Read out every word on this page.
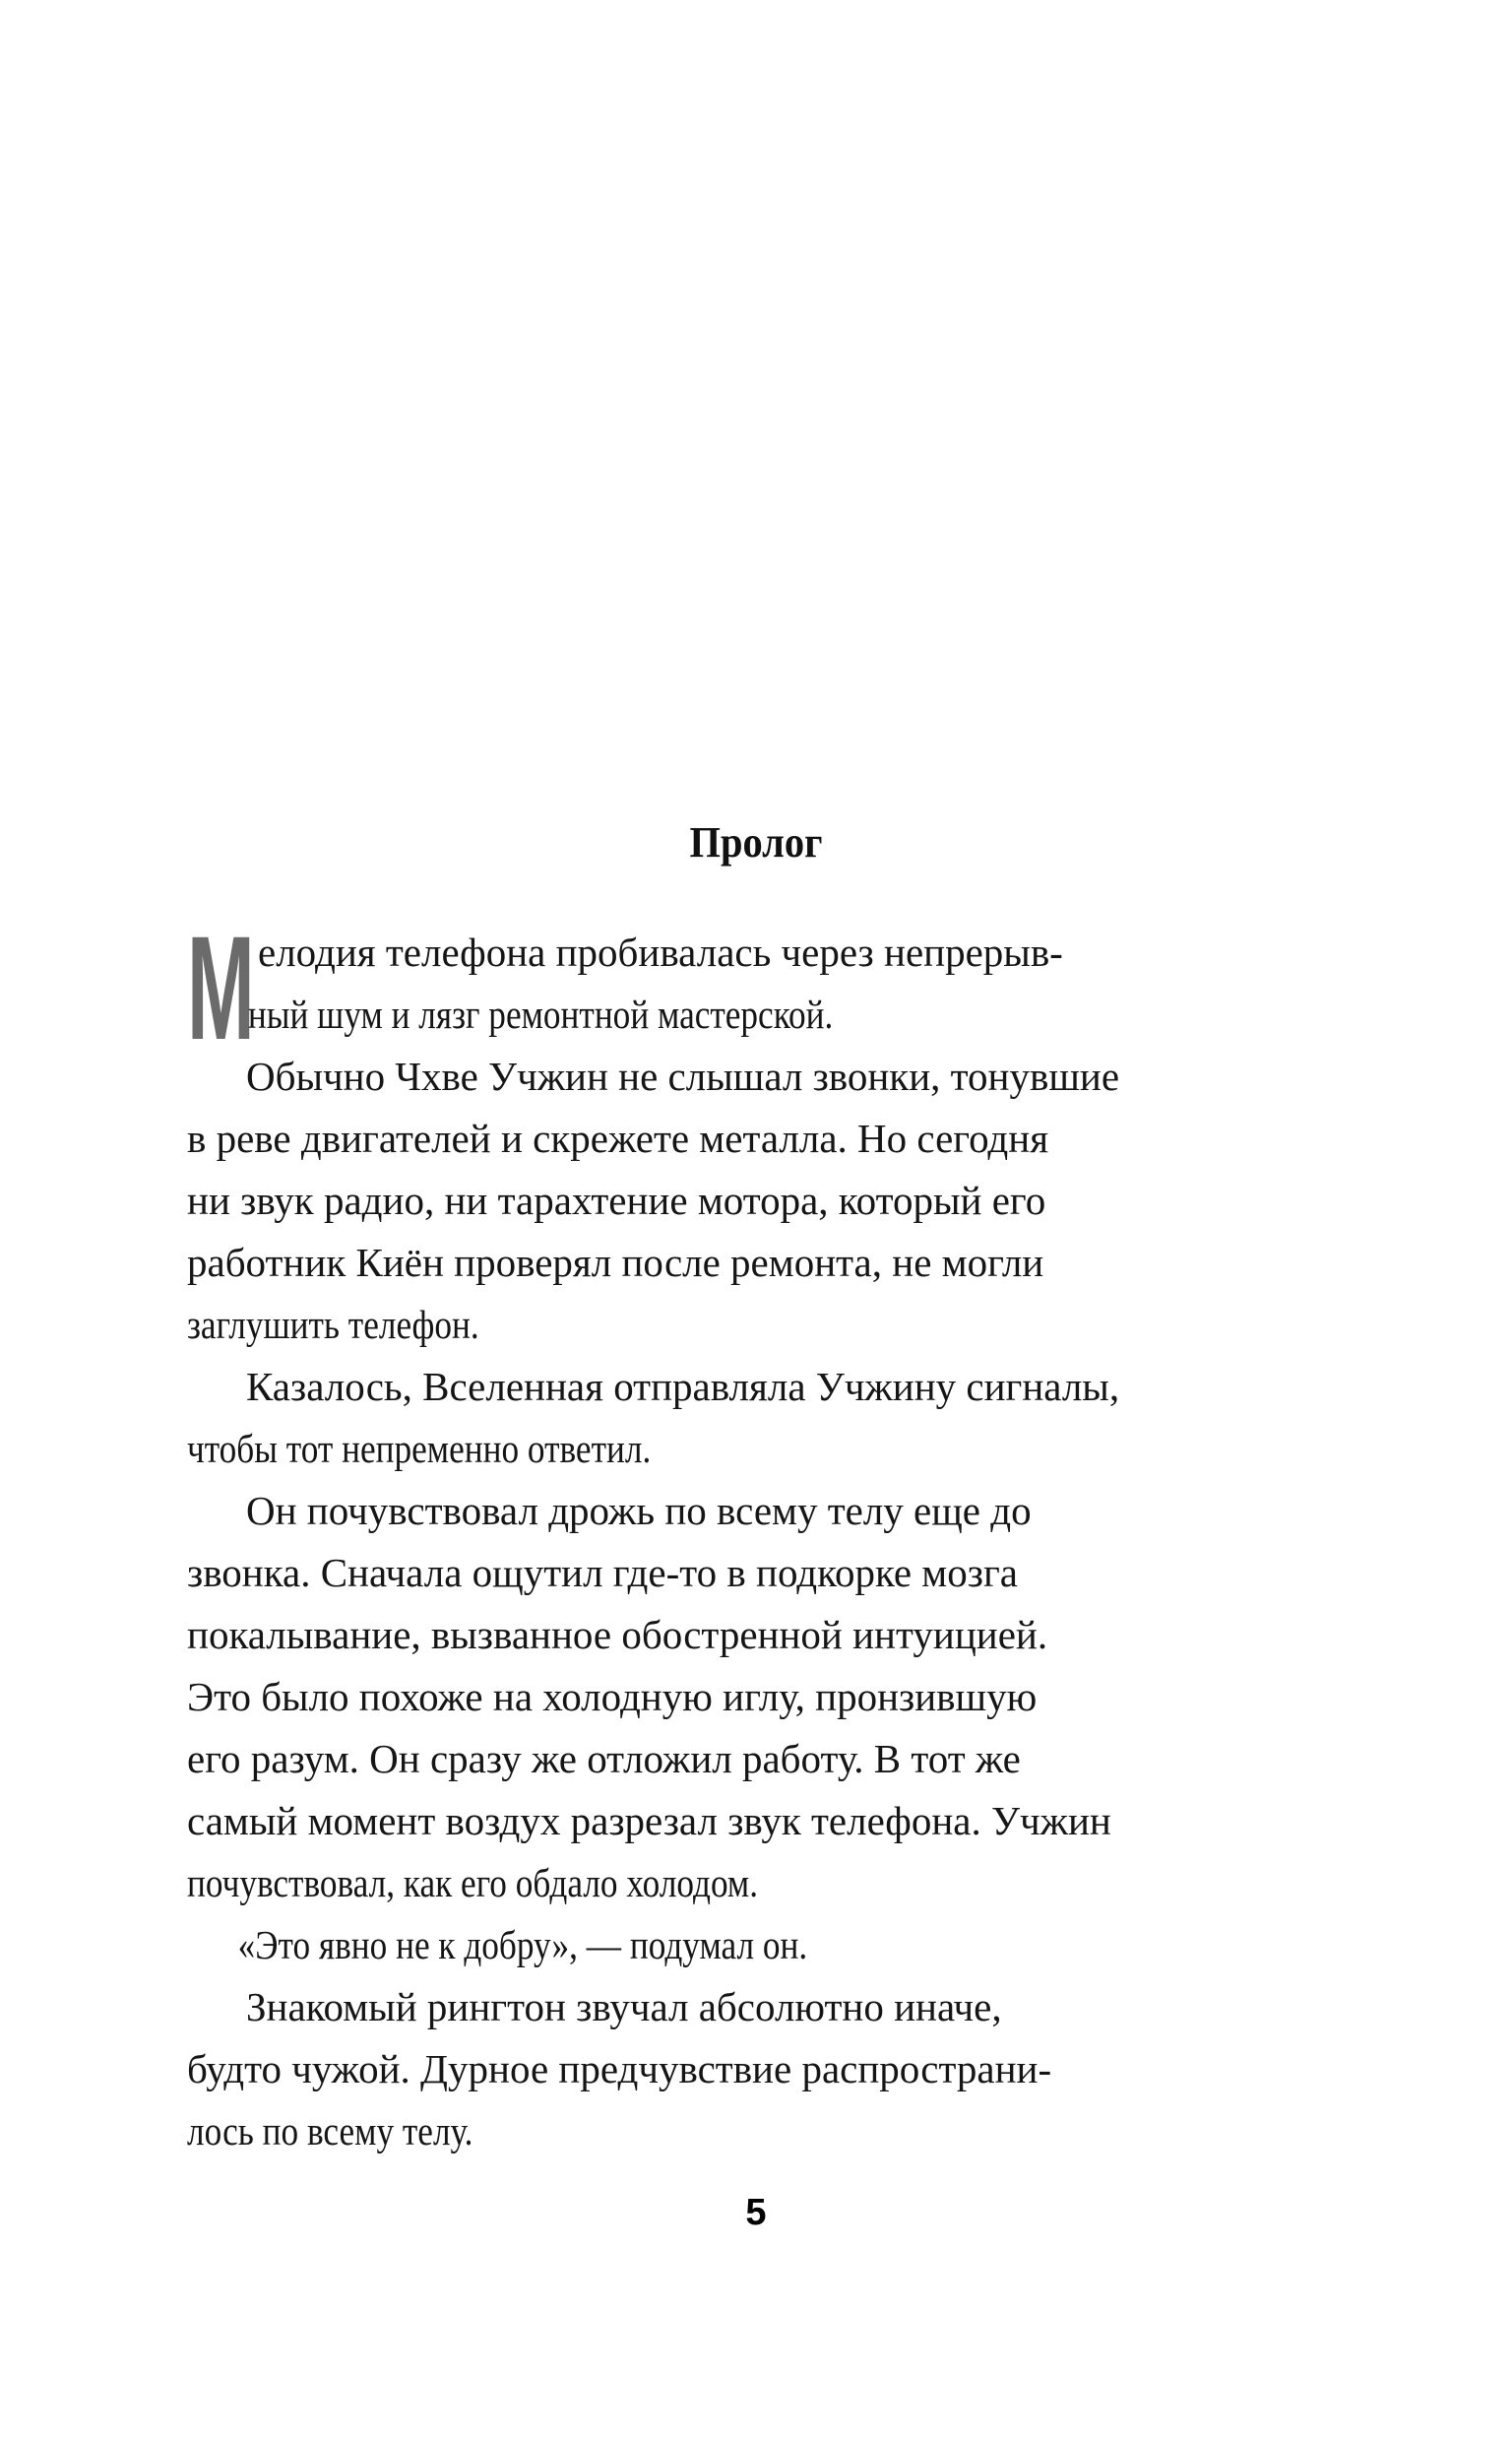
Пролог
М елодия телефона пробивалась через непрерыв-
ный шум и лязг ремонтной мастерской.
Обычно Чхве Учжин не слышал звонки, тонувшие
в реве двигателей и скрежете металла. Но сегодня
ни звук радио, ни тарахтение мотора, который его
работник Киён проверял после ремонта, не могли
заглушить телефон.
Казалось, Вселенная отправляла Учжину сигналы,
чтобы тот непременно ответил.
Он почувствовал дрожь по всему телу еще до
звонка. Сначала ощутил где-то в подкорке мозга
покалывание, вызванное обостренной интуицией.
Это было похоже на холодную иглу, пронзившую
его разум. Он сразу же отложил работу. В тот же
самый момент воздух разрезал звук телефона. Учжин
почувствовал, как его обдало холодом.
«Это явно не к добру», — подумал он.
Знакомый рингтон звучал абсолютно иначе,
будто чужой. Дурное предчувствие распространи-
лось по всему телу.
5
